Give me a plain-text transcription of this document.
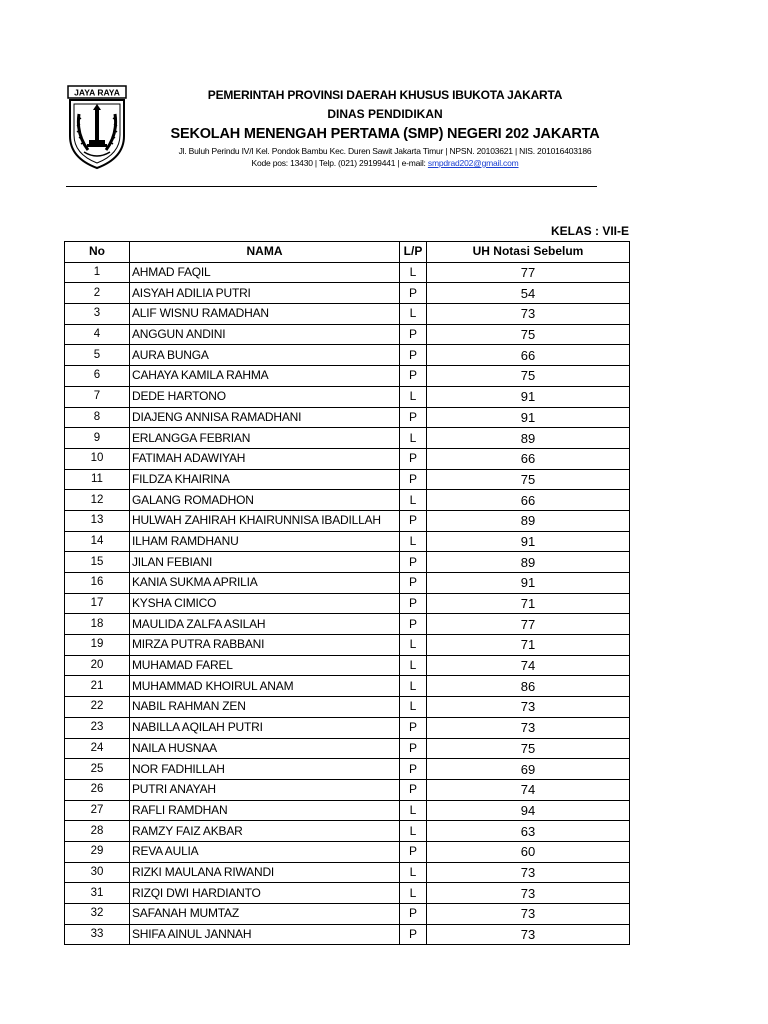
JAYA RAYA	PEMERINTAH PROVINSI DAERAH KHUSUS IBUKOTA JAKARTA
DINAS PENDIDIKAN
SEKOLAH MENENGAH PERTAMA (SMP) NEGERI 202 JAKARTA
Jl. Buluh Perindu IV/I Kel. Pondok Bambu Kec. Duren Sawit Jakarta Timur | NPSN. 20103621 | NIS. 201016403186
Kode pos: 13430 | Telp. (021) 29199441 | e-mail: smpdrad202@gmail.com
KELAS : VII-E
No	NAMA	L/P	UH Notasi Sebelum
1	AHMAD FAQIL	L	77
2	AISYAH ADILIA PUTRI	P	54
3	ALIF WISNU RAMADHAN	L	73
4	ANGGUN ANDINI	P	75
5	AURA BUNGA	P	66
6	CAHAYA KAMILA RAHMA	P	75
7	DEDE HARTONO	L	91
8	DIAJENG ANNISA RAMADHANI	P	91
9	ERLANGGA FEBRIAN	L	89
10	FATIMAH ADAWIYAH	P	66
11	FILDZA KHAIRINA	P	75
12	GALANG ROMADHON	L	66
13	HULWAH ZAHIRAH KHAIRUNNISA IBADILLAH	P	89
14	ILHAM RAMDHANU	L	91
15	JILAN FEBIANI	P	89
16	KANIA SUKMA APRILIA	P	91
17	KYSHA CIMICO	P	71
18	MAULIDA ZALFA ASILAH	P	77
19	MIRZA PUTRA RABBANI	L	71
20	MUHAMAD FAREL	L	74
21	MUHAMMAD KHOIRUL ANAM	L	86
22	NABIL RAHMAN ZEN	L	73
23	NABILLA AQILAH PUTRI	P	73
24	NAILA HUSNAA	P	75
25	NOR FADHILLAH	P	69
26	PUTRI ANAYAH	P	74
27	RAFLI RAMDHAN	L	94
28	RAMZY FAIZ AKBAR	L	63
29	REVA AULIA	P	60
30	RIZKI MAULANA RIWANDI	L	73
31	RIZQI DWI HARDIANTO	L	73
32	SAFANAH MUMTAZ	P	73
33	SHIFA AINUL JANNAH	P	73
